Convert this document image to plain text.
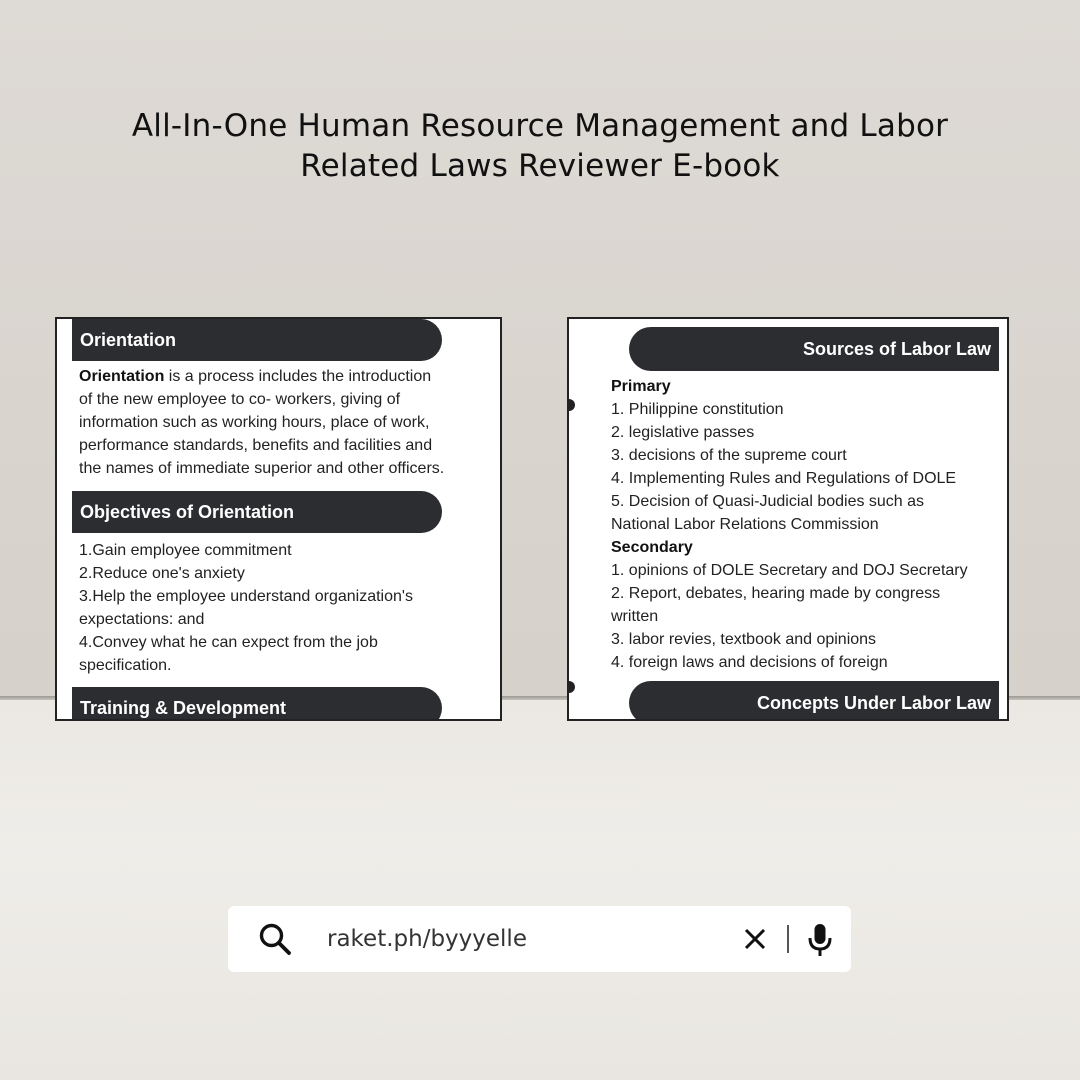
All-In-One Human Resource Management and Labor
Related Laws Reviewer E-book
Orientation
Orientation is a process includes the introduction
of the new employee to co- workers, giving of
information such as working hours, place of work,
performance standards, benefits and facilities and
the names of immediate superior and other officers.
Objectives of Orientation
1.Gain employee commitment
2.Reduce one's anxiety
3.Help the employee understand organization's
expectations: and
4.Convey what he can expect from the job
specification.
Training & Development
Sources of Labor Law
Primary
1. Philippine constitution
2. legislative passes
3. decisions of the supreme court
4. Implementing Rules and Regulations of DOLE
5. Decision of Quasi-Judicial bodies such as
National Labor Relations Commission
Secondary
1. opinions of DOLE Secretary and DOJ Secretary
2. Report, debates, hearing made by congress
written
3. labor revies, textbook and opinions
4. foreign laws and decisions of foreign
Concepts Under Labor Law
raket.ph/byyyelle
